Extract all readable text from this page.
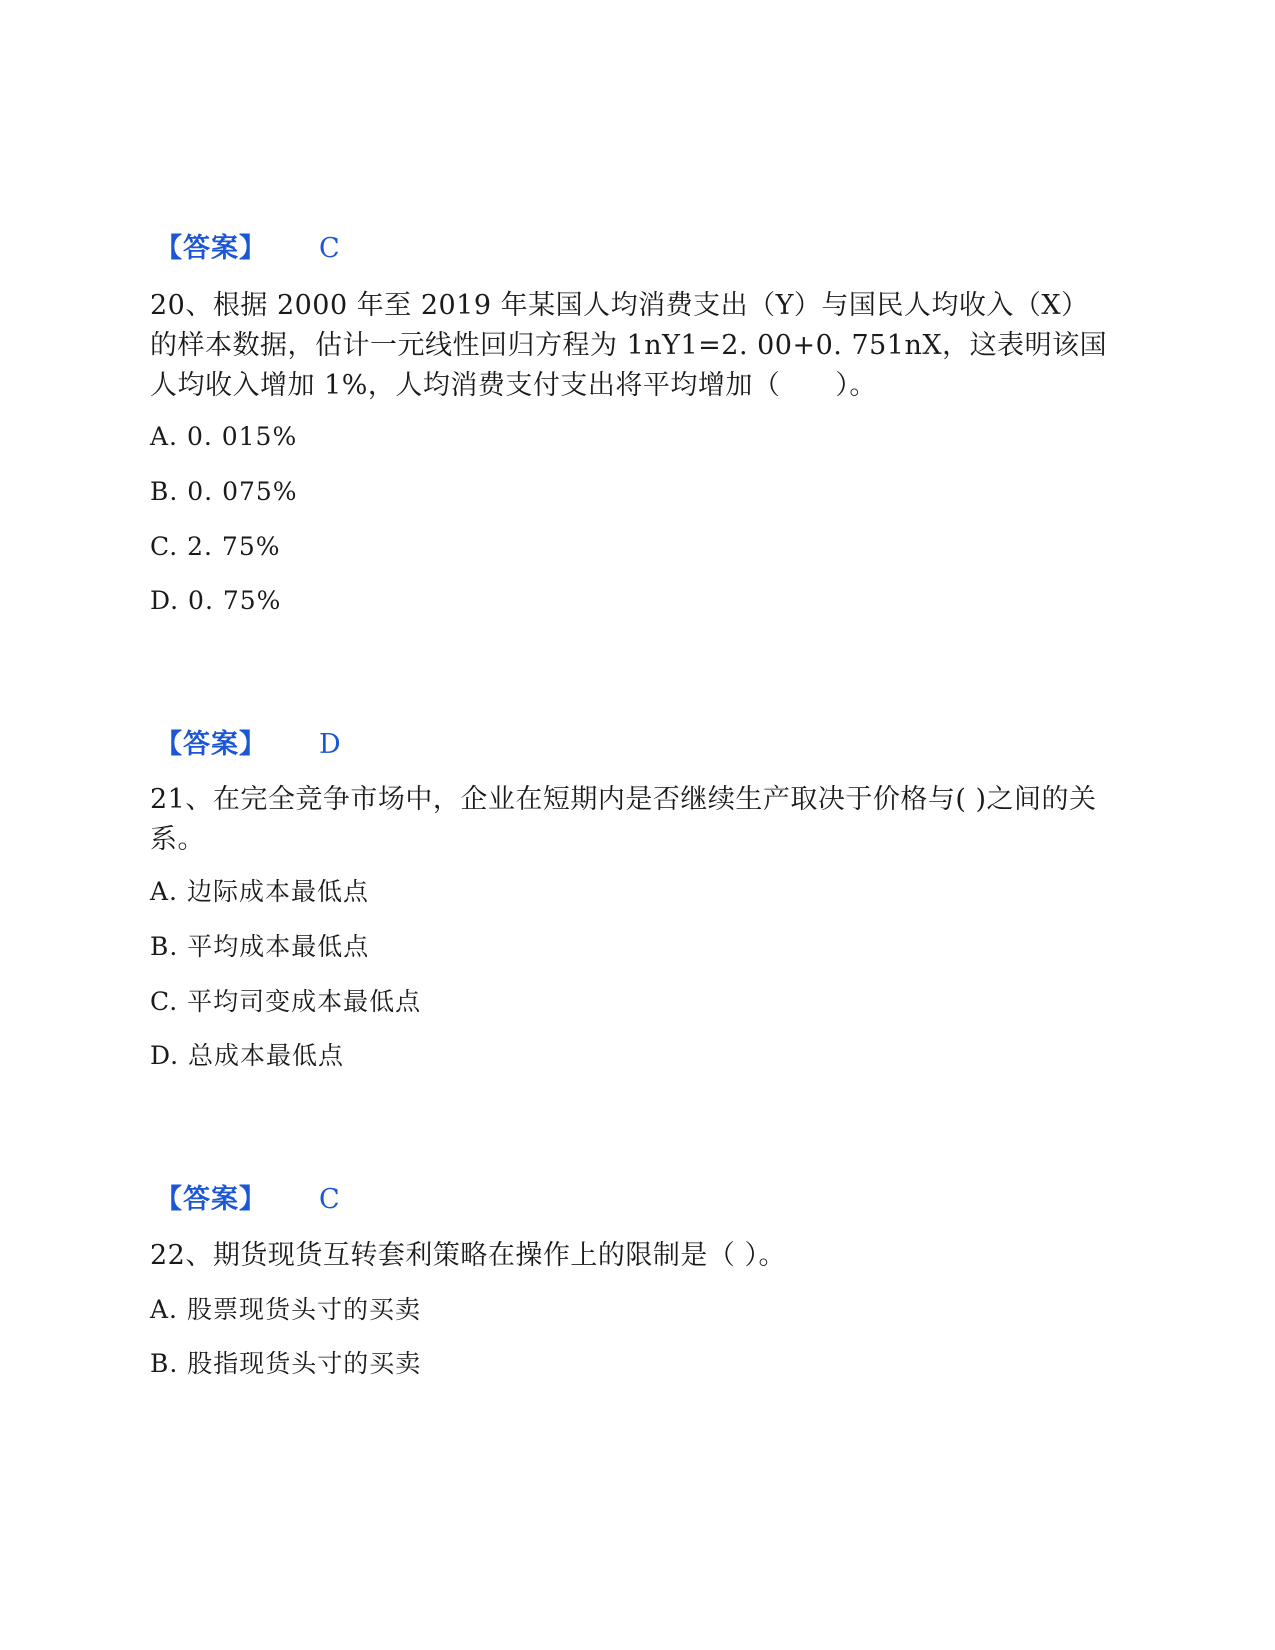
【答案】 C
20、根据 2000 年至 2019 年某国人均消费支出（Y）与国民人均收入（X）的样本数据，估计一元线性回归方程为 1nY1=2. 00+0. 751nX，这表明该国人均收入增加 1%，人均消费支付支出将平均增加（　　）。
A. 0. 015%
B. 0. 075%
C. 2. 75%
D. 0. 75%
【答案】 D
21、在完全竞争市场中，企业在短期内是否继续生产取决于价格与( )之间的关系。
A. 边际成本最低点
B. 平均成本最低点
C. 平均司变成本最低点
D. 总成本最低点
【答案】 C
22、期货现货互转套利策略在操作上的限制是（ ）。
A. 股票现货头寸的买卖
B. 股指现货头寸的买卖
